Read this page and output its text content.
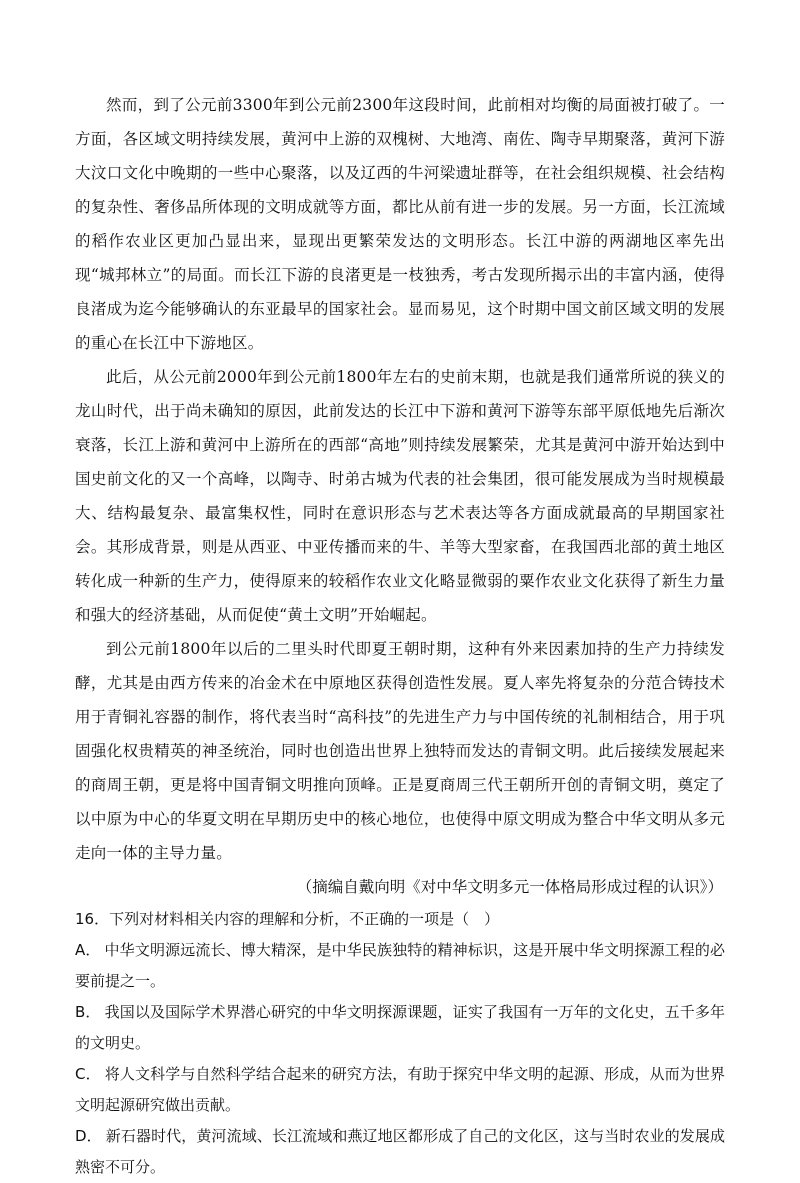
然而，到了公元前3300年到公元前2300年这段时间，此前相对均衡的局面被打破了。一方面，各区域文明持续发展，黄河中上游的双槐树、大地湾、南佐、陶寺早期聚落，黄河下游大汶口文化中晚期的一些中心聚落，以及辽西的牛河梁遗址群等，在社会组织规模、社会结构的复杂性、奢侈品所体现的文明成就等方面，都比从前有进一步的发展。另一方面，长江流域的稻作农业区更加凸显出来，显现出更繁荣发达的文明形态。长江中游的两湖地区率先出现“城邦林立”的局面。而长江下游的良渚更是一枝独秀，考古发现所揭示出的丰富内涵，使得良渚成为迄今能够确认的东亚最早的国家社会。显而易见，这个时期中国文前区域文明的发展的重心在长江中下游地区。

此后，从公元前2000年到公元前1800年左右的史前末期，也就是我们通常所说的狭义的龙山时代，出于尚未确知的原因，此前发达的长江中下游和黄河下游等东部平原低地先后渐次衰落，长江上游和黄河中上游所在的西部“高地”则持续发展繁荣，尤其是黄河中游开始达到中国史前文化的又一个高峰，以陶寺、时弟古城为代表的社会集团，很可能发展成为当时规模最大、结构最复杂、最富集权性，同时在意识形态与艺术表达等各方面成就最高的早期国家社会。其形成背景，则是从西亚、中亚传播而来的牛、羊等大型家畜，在我国西北部的黄土地区转化成一种新的生产力，使得原来的较稻作农业文化略显微弱的粟作农业文化获得了新生力量和强大的经济基础，从而促使“黄土文明”开始崛起。

到公元前1800年以后的二里头时代即夏王朝时期，这种有外来因素加持的生产力持续发酵，尤其是由西方传来的冶金术在中原地区获得创造性发展。夏人率先将复杂的分范合铸技术用于青铜礼容器的制作，将代表当时“高科技”的先进生产力与中国传统的礼制相结合，用于巩固强化权贵精英的神圣统治，同时也创造出世界上独特而发达的青铜文明。此后接续发展起来的商周王朝，更是将中国青铜文明推向顶峰。正是夏商周三代王朝所开创的青铜文明，奠定了以中原为中心的华夏文明在早期历史中的核心地位，也使得中原文明成为整合中华文明从多元走向一体的主导力量。

（摘编自戴向明《对中华文明多元一体格局形成过程的认识》）

16．下列对材料相关内容的理解和分析，不正确的一项是（　）

A． 中华文明源远流长、博大精深，是中华民族独特的精神标识，这是开展中华文明探源工程的必要前提之一。

B． 我国以及国际学术界潜心研究的中华文明探源课题，证实了我国有一万年的文化史，五千多年的文明史。

C． 将人文科学与自然科学结合起来的研究方法，有助于探究中华文明的起源、形成，从而为世界文明起源研究做出贡献。

D． 新石器时代，黄河流域、长江流域和燕辽地区都形成了自己的文化区，这与当时农业的发展成熟密不可分。
